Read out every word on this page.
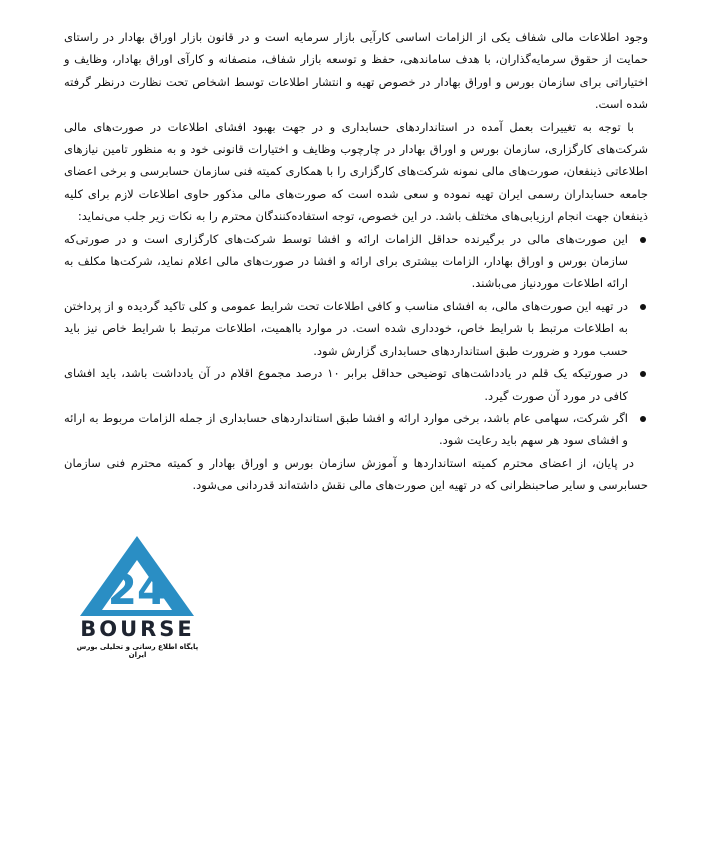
وجود اطلاعات مالی شفاف یکی از الزامات اساسی کارآیی بازار سرمایه است و در قانون بازار اوراق بهادار در راستای حمایت از حقوق سرمایه‌گذاران، با هدف ساماندهی، حفظ و توسعه بازار شفاف، منصفانه و کارآی اوراق بهادار، وظایف و اختیاراتی برای سازمان بورس و اوراق بهادار در خصوص تهیه و انتشار اطلاعات توسط اشخاص تحت نظارت درنظر گرفته شده است.

با توجه به تغییرات بعمل آمده در استانداردهای حسابداری و در جهت بهبود افشای اطلاعات در صورت‌های مالی شرکت‌های کارگزاری، سازمان بورس و اوراق بهادار در چارچوب وظایف و اختیارات قانونی خود و به منظور تامین نیازهای اطلاعاتی ذینفعان، صورت‌های مالی نمونه شرکت‌های کارگزاری را با همکاری کمیته فنی سازمان حسابرسی و برخی اعضای جامعه حسابداران رسمی ایران تهیه نموده و سعی شده است که صورت‌های مالی مذکور حاوی اطلاعات لازم برای کلیه ذینفعان جهت انجام ارزیابی‌های مختلف باشد. در این خصوص، توجه استفاده‌کنندگان محترم را به نکات زیر جلب می‌نماید:

این صورت‌های مالی در برگیرنده حداقل الزامات ارائه و افشا توسط شرکت‌های کارگزاری است و در صورتی‌که سازمان بورس و اوراق بهادار، الزامات بیشتری برای ارائه و افشا در صورت‌های مالی اعلام نماید، شرکت‌ها مکلف به ارائه اطلاعات موردنیاز می‌باشند.
در تهیه این صورت‌های مالی، به افشای مناسب و کافی اطلاعات تحت شرایط عمومی و کلی تاکید گردیده و از پرداختن به اطلاعات مرتبط با شرایط خاص، خودداری شده است. در موارد بااهمیت، اطلاعات مرتبط با شرایط خاص نیز باید حسب مورد و ضرورت طبق استانداردهای حسابداری گزارش شود.
در صورتیکه یک قلم در یادداشت‌های توضیحی حداقل برابر ۱۰ درصد مجموع اقلام در آن یادداشت باشد، باید افشای کافی در مورد آن صورت گیرد.
اگر شرکت، سهامی عام باشد، برخی موارد ارائه و افشا طبق استانداردهای حسابداری از جمله الزامات مربوط به ارائه و افشای سود هر سهم باید رعایت شود.

در پایان، از اعضای محترم کمیته استانداردها و آموزش سازمان بورس و اوراق بهادار و کمیته محترم فنی سازمان حسابرسی و سایر صاحبنظرانی که در تهیه این صورت‌های مالی نقش داشته‌اند قدردانی می‌شود.

24
BOURSE
پایگاه اطلاع رسانی و تحلیلی بورس ایران
